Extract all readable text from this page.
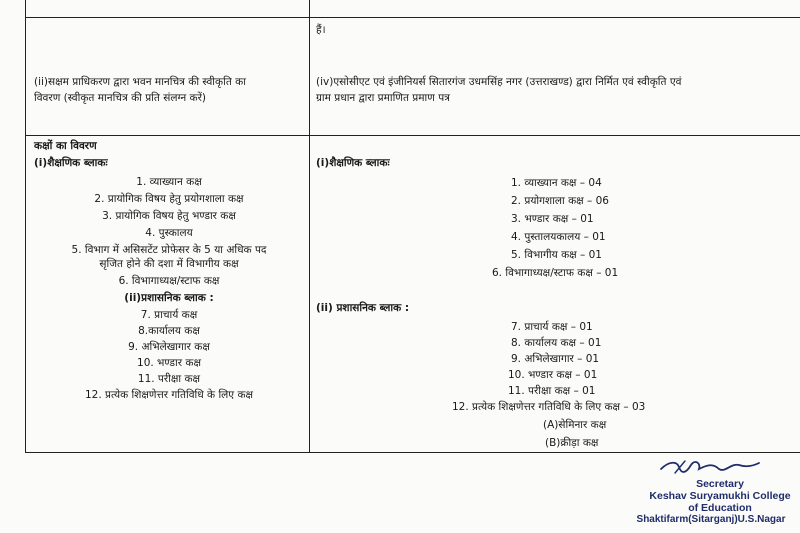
हैं।
(ii)सक्षम प्राधिकरण द्वारा भवन मानचित्र की स्वीकृति का
विवरण (स्वीकृत मानचित्र की प्रति संलग्न करें)
(iv)एसोसीएट एवं इंजीनियर्स सितारगंज उधमसिंह नगर (उत्तराखण्ड) द्वारा निर्मित एवं स्वीकृति एवं
ग्राम प्रधान द्वारा प्रमाणित प्रमाण पत्र
कक्षों का विवरण
(i)शैक्षणिक ब्लाकः
1. व्याख्यान कक्ष
2. प्रायोगिक विषय हेतु प्रयोगशाला कक्ष
3. प्रायोगिक विषय हेतु भण्डार कक्ष
4. पुस्कालय
5. विभाग में असिसटेंट प्रोफेसर के 5 या अधिक पद
सृजित होने की दशा में विभागीय कक्ष
6. विभागाध्यक्ष/स्टाफ कक्ष
(ii)प्रशासनिक ब्लाक :
7. प्राचार्य कक्ष
8.कार्यालय कक्ष
9. अभिलेखागार कक्ष
10. भण्डार कक्ष
11. परीक्षा कक्ष
12. प्रत्येक शिक्षणेत्तर गतिविधि के लिए कक्ष
(i)शैक्षणिक ब्लाकः
1. व्याख्यान कक्ष – 04
2. प्रयोगशाला कक्ष – 06
3. भण्डार कक्ष – 01
4. पुस्तालयकालय – 01
5. विभागीय कक्ष – 01
6. विभागाध्यक्ष/स्टाफ कक्ष – 01
(ii) प्रशासनिक ब्लाक :
7. प्राचार्य कक्ष – 01
8. कार्यालय कक्ष – 01
9. अभिलेखागार – 01
10. भण्डार कक्ष – 01
11. परीक्षा कक्ष – 01
12. प्रत्येक शिक्षणेत्तर गतिविधि के लिए कक्ष – 03
(A)सेमिनार कक्ष
(B)क्रीड़ा कक्ष
Secretary
Keshav Suryamukhi College
of Education
Shaktifarm(Sitarganj)U.S.Nagar
